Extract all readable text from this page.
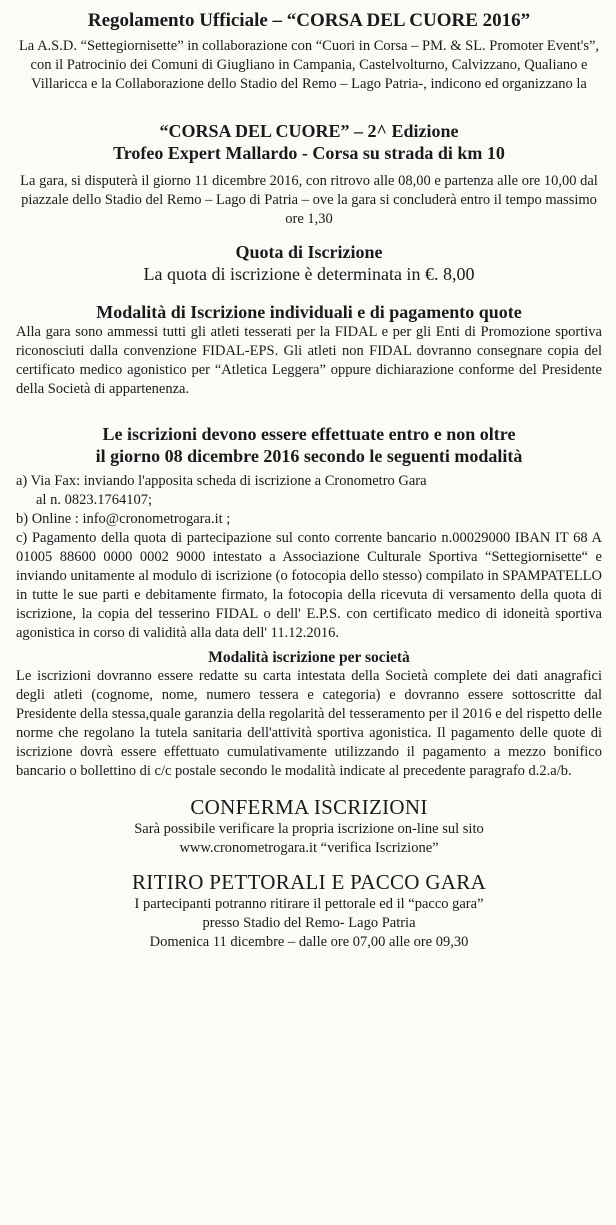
Regolamento Ufficiale – “CORSA DEL CUORE 2016”
La A.S.D. “Settegiornisette” in collaborazione con “Cuori in Corsa – PM. & SL. Promoter Event's”, con il Patrocinio dei Comuni di Giugliano in Campania, Castelvolturno, Calvizzano, Qualiano e Villaricca e la Collaborazione dello Stadio del Remo – Lago Patria-, indicono ed organizzano la
“CORSA DEL CUORE” – 2^ Edizione
Trofeo Expert Mallardo - Corsa su strada di km 10
La gara, si disputerà il giorno 11 dicembre 2016, con ritrovo alle 08,00 e partenza alle ore 10,00 dal piazzale dello Stadio del Remo – Lago di Patria – ove la gara si concluderà entro il tempo massimo ore 1,30
Quota di Iscrizione
La quota di iscrizione è determinata in €. 8,00
Modalità di Iscrizione individuali e di pagamento quote
Alla gara sono ammessi tutti gli atleti tesserati per la FIDAL e per gli Enti di Promozione sportiva riconosciuti dalla convenzione FIDAL-EPS. Gli atleti non FIDAL dovranno consegnare copia del certificato medico agonistico per “Atletica Leggera” oppure dichiarazione conforme del Presidente della Società di appartenenza.
Le iscrizioni devono essere effettuate entro e non oltre
il giorno 08 dicembre 2016 secondo le seguenti modalità
a) Via Fax: inviando l'apposita scheda di iscrizione a Cronometro Gara
al n. 0823.1764107;
b) Online : info@cronometrogara.it ;
c) Pagamento della quota di partecipazione sul conto corrente bancario n.00029000 IBAN IT 68 A 01005 88600 0000 0002 9000 intestato a Associazione Culturale Sportiva “Settegiornisette“ e inviando unitamente al modulo di iscrizione (o fotocopia dello stesso) compilato in SPAMPATELLO in tutte le sue parti e debitamente firmato, la fotocopia della ricevuta di versamento della quota di iscrizione, la copia del tesserino FIDAL o dell' E.P.S. con certificato medico di idoneità sportiva agonistica in corso di validità alla data dell' 11.12.2016.
Modalità iscrizione per società
Le iscrizioni dovranno essere redatte su carta intestata della Società complete dei dati anagrafici degli atleti (cognome, nome, numero tessera e categoria) e dovranno essere sottoscritte dal Presidente della stessa,quale garanzia della regolarità del tesseramento per il 2016 e del rispetto delle norme che regolano la tutela sanitaria dell'attività sportiva agonistica. Il pagamento delle quote di iscrizione dovrà essere effettuato cumulativamente utilizzando il pagamento a mezzo bonifico bancario o bollettino di c/c postale secondo le modalità indicate al precedente paragrafo d.2.a/b.
CONFERMA ISCRIZIONI
Sarà possibile verificare la propria iscrizione on-line sul sito
www.cronometrogara.it “verifica Iscrizione”
RITIRO PETTORALI E PACCO GARA
I partecipanti potranno ritirare il pettorale ed il “pacco gara”
presso Stadio del Remo- Lago Patria
Domenica 11 dicembre – dalle ore 07,00 alle ore 09,30
